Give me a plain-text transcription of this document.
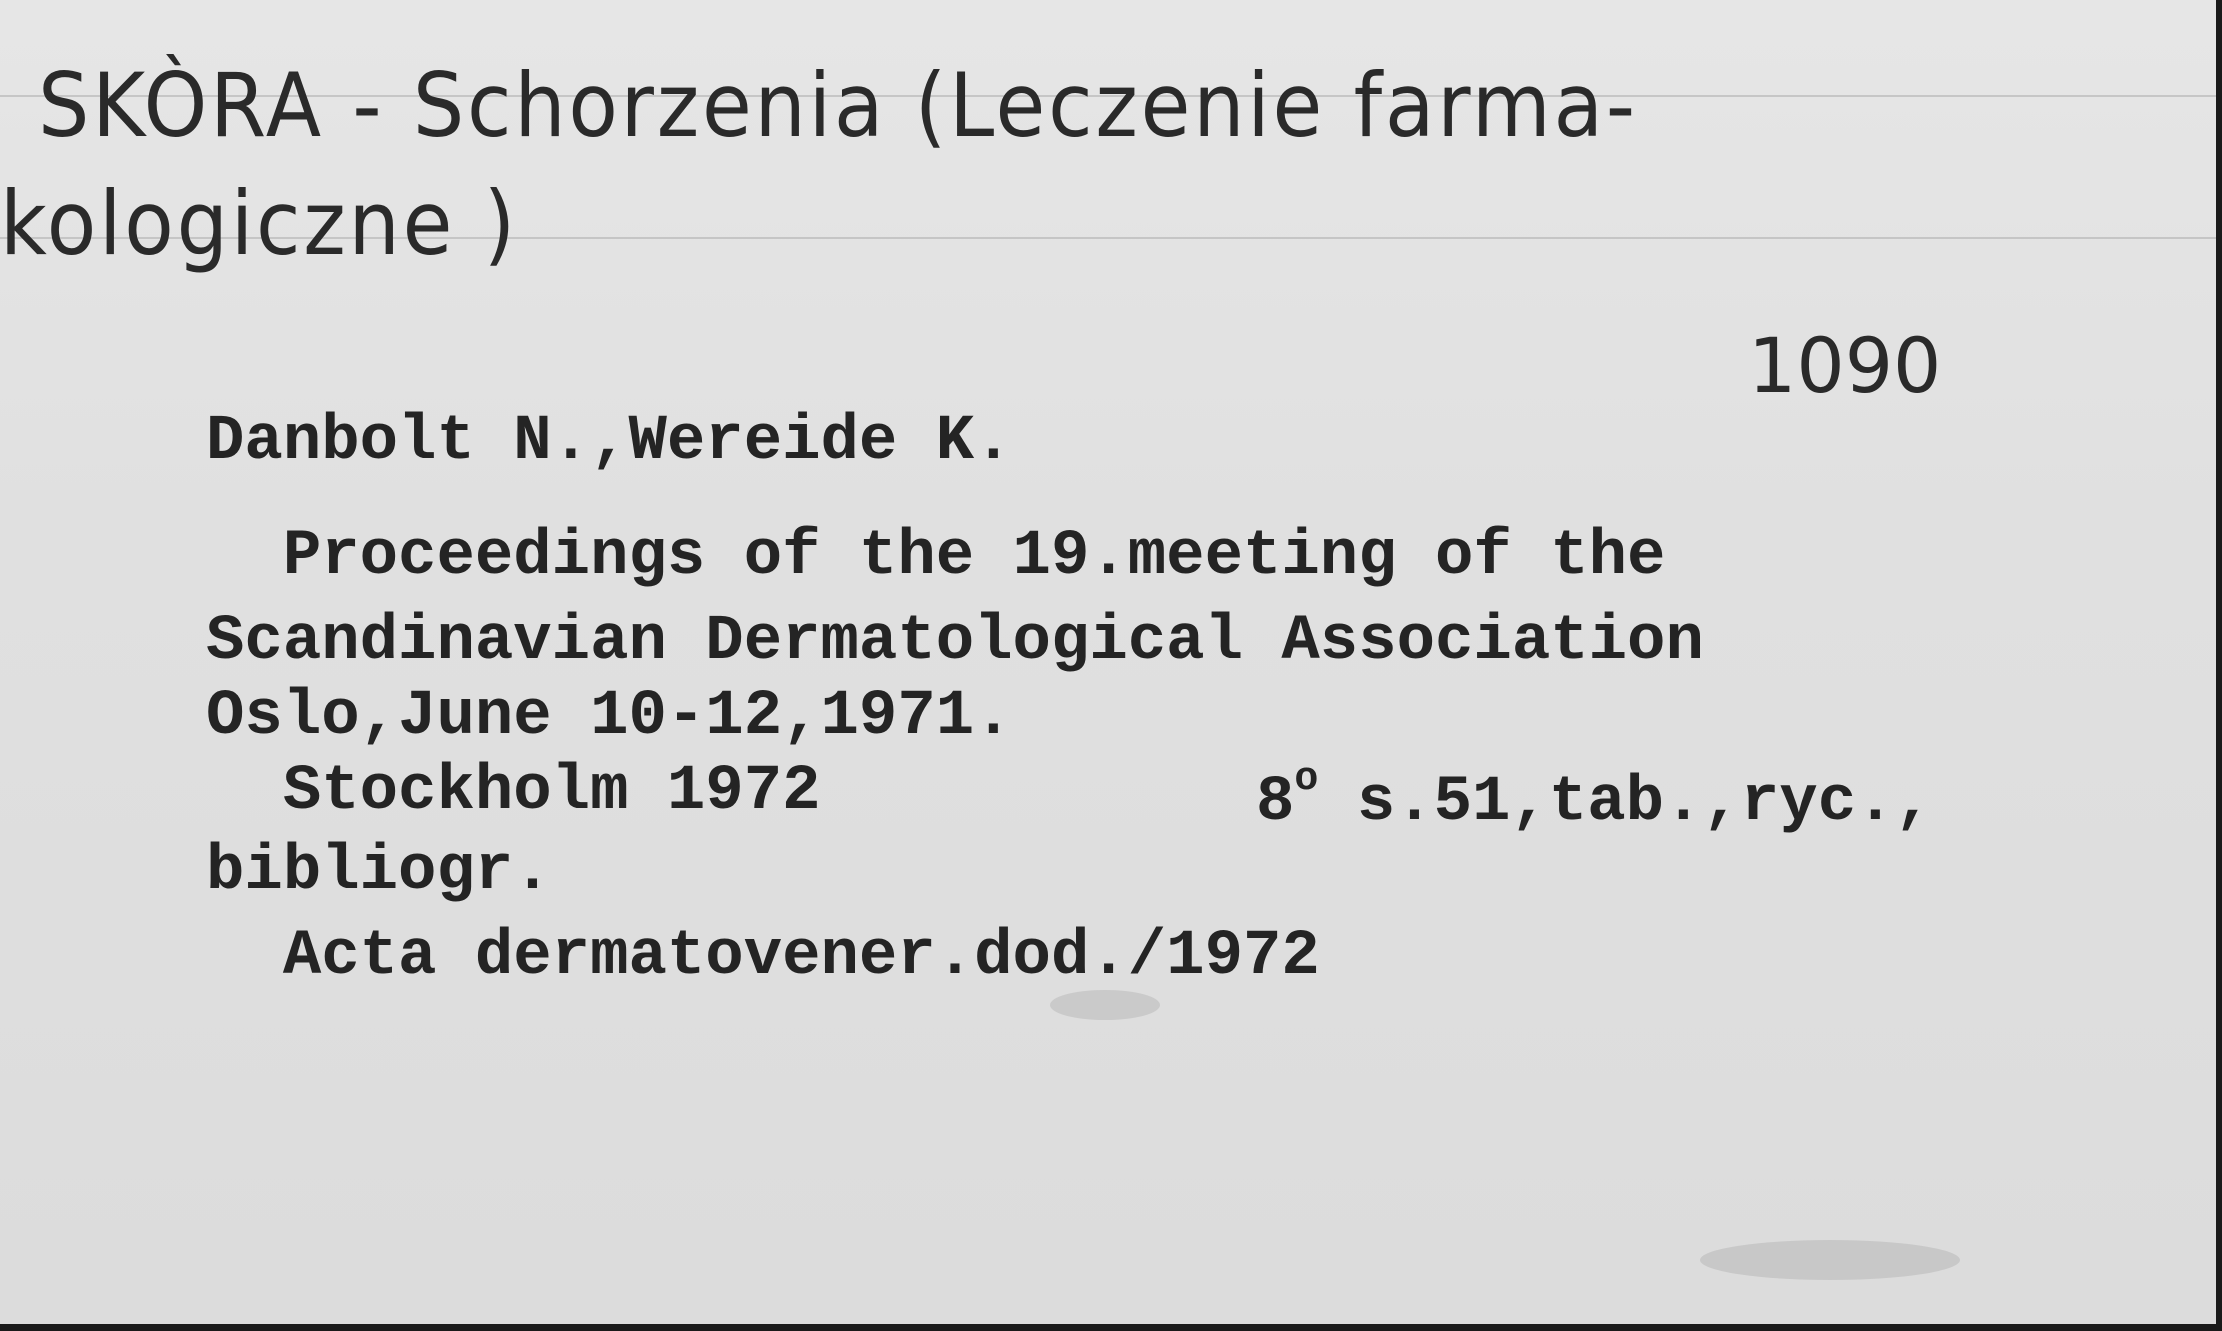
SKÒRA - Schorzenia (Leczenie farma-
kologiczne )
1090
Danbolt N.,Wereide K.
Proceedings of the 19.meeting of the
Scandinavian Dermatological Association
Oslo,June 10-12,1971.
Stockholm 1972	8$^o$ s.51,tab.,ryc.,
bibliogr.
Acta dermatovener.dod./1972
